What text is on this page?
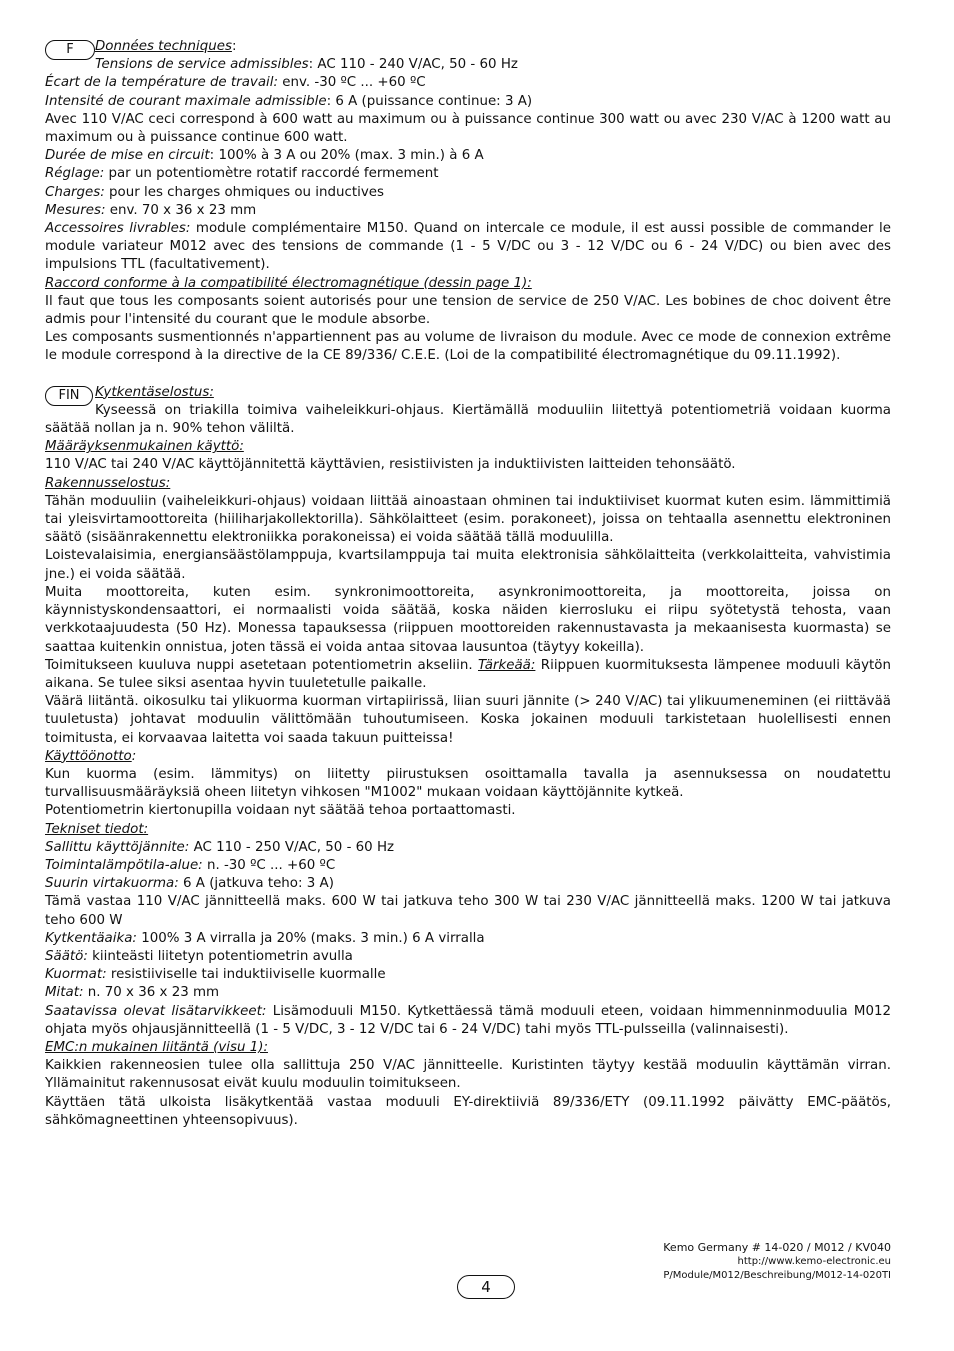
F	Données techniques:

Tensions de service admissibles: AC 110 - 240 V/AC, 50 - 60 Hz

Écart de la température de travail: env. -30 ºC ... +60 ºC

Intensité de courant maximale admissible: 6 A (puissance continue: 3 A)

Avec 110 V/AC ceci correspond à 600 watt au maximum ou à puissance continue 300 watt ou avec 230 V/AC à 1200 watt au maximum ou à puissance continue 600 watt.

Durée de mise en circuit: 100% à 3 A ou 20% (max. 3 min.) à 6 A

Réglage: par un potentiomètre rotatif raccordé fermement

Charges: pour les charges ohmiques ou inductives

Mesures: env. 70 x 36 x 23 mm

Accessoires livrables: module complémentaire M150. Quand on intercale ce module, il est aussi possible de commander le module variateur M012 avec des tensions de commande (1 - 5 V/DC ou 3 - 12 V/DC ou 6 - 24 V/DC) ou bien avec des impulsions TTL (facultativement).

Raccord conforme à la compatibilité électromagnétique (dessin page 1):

Il faut que tous les composants soient autorisés pour une tension de service de 250 V/AC. Les bobines de choc doivent être admis pour l'intensité du courant que le module absorbe.

Les composants susmentionnés n'appartiennent pas au volume de livraison du module. Avec ce mode de connexion extrême le module correspond à la directive de la CE 89/336/ C.E.E. (Loi de la compatibilité électromagnétique du 09.11.1992).

FIN	Kytkentäselostus:

Kyseessä on triakilla toimiva vaiheleikkuri-ohjaus. Kiertämällä moduuliin liitettyä potentiometriä voidaan kuorma säätää nollan ja n. 90% tehon väliltä.

Määräyksenmukainen käyttö:

110 V/AC tai 240 V/AC käyttöjännitettä käyttävien, resistiivisten ja induktiivisten laitteiden tehonsäätö.

Rakennusselostus:

Tähän moduuliin (vaiheleikkuri-ohjaus) voidaan liittää ainoastaan ohminen tai induktiiviset kuormat kuten esim. lämmittimiä tai yleisvirtamoottoreita (hiiliharjakollektorilla). Sähkölaitteet (esim. porakoneet), joissa on tehtaalla asennettu elektroninen säätö (sisäänrakennettu elektroniikka porakoneissa) ei voida säätää tällä moduulilla.

Loistevalaisimia, energiansäästölamppuja, kvartsilamppuja tai muita elektronisia sähkölaitteita (verkkolaitteita, vahvistimia jne.) ei voida säätää.

Muita moottoreita, kuten esim. synkronimoottoreita, asynkronimoottoreita, ja moottoreita, joissa on käynnistyskondensaattori, ei normaalisti voida säätää, koska näiden kierrosluku ei riipu syötetystä tehosta, vaan verkkotaajuudesta (50 Hz). Monessa tapauksessa (riippuen moottoreiden rakennustavasta ja mekaanisesta kuormasta) se saattaa kuitenkin onnistua, joten tässä ei voida antaa sitovaa lausuntoa (täytyy kokeilla).

Toimitukseen kuuluva nuppi asetetaan potentiometrin akseliin. Tärkeää: Riippuen kuormituksesta lämpenee moduuli käytön aikana. Se tulee siksi asentaa hyvin tuuletetulle paikalle.

Väärä liitäntä. oikosulku tai ylikuorma kuorman virtapiirissä, liian suuri jännite (> 240 V/AC) tai ylikuumeneminen (ei riittävää tuuletusta) johtavat moduulin välittömään tuhoutumiseen. Koska jokainen moduuli tarkistetaan huolellisesti ennen toimitusta, ei korvaavaa laitetta voi saada takuun puitteissa!

Käyttöönotto:

Kun kuorma (esim. lämmitys) on liitetty piirustuksen osoittamalla tavalla ja asennuksessa on noudatettu turvallisuusmääräyksiä oheen liitetyn vihkosen "M1002" mukaan voidaan käyttöjännite kytkeä.

Potentiometrin kiertonupilla voidaan nyt säätää tehoa portaattomasti.

Tekniset tiedot:

Sallittu käyttöjännite: AC 110 - 250 V/AC, 50 - 60 Hz

Toimintalämpötila-alue: n. -30 ºC ... +60 ºC

Suurin virtakuorma: 6 A (jatkuva teho: 3 A)

Tämä vastaa 110 V/AC jännitteellä maks. 600 W tai jatkuva teho 300 W tai 230 V/AC jännitteellä maks. 1200 W tai jatkuva teho 600 W

Kytkentäaika: 100% 3 A virralla ja 20% (maks. 3 min.) 6 A virralla

Säätö: kiinteästi liitetyn potentiometrin avulla

Kuormat: resistiiviselle tai induktiiviselle kuormalle

Mitat: n. 70 x 36 x 23 mm

Saatavissa olevat lisätarvikkeet: Lisämoduuli M150. Kytkettäessä tämä moduuli eteen, voidaan himmenninmoduulia M012 ohjata myös ohjausjännitteellä (1 - 5 V/DC, 3 - 12 V/DC tai 6 - 24 V/DC) tahi myös TTL-pulsseilla (valinnaisesti).

EMC:n mukainen liitäntä (visu 1):

Kaikkien rakenneosien tulee olla sallittuja 250 V/AC jännitteelle. Kuristinten täytyy kestää moduulin käyttämän virran. Yllämainitut rakennusosat eivät kuulu moduulin toimitukseen.

Käyttäen tätä ulkoista lisäkytkentää vastaa moduuli EY-direktiiviä 89/336/ETY (09.11.1992 päivätty EMC-päätös, sähkömagneettinen yhteensopivuus).

Kemo Germany # 14-020 / M012 / KV040
http://www.kemo-electronic.eu
P/Module/M012/Beschreibung/M012-14-020TI
4
